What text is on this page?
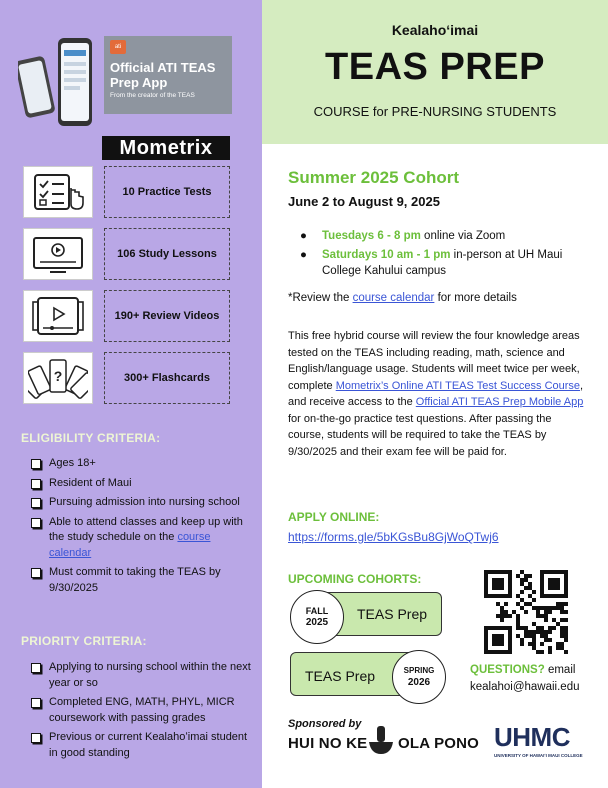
ati
Official ATI TEAS Prep App
From the creator of the TEAS
Mometrix
10 Practice Tests
106 Study Lessons
190+ Review Videos
?	300+ Flashcards
ELIGIBILITY CRITERIA:
Ages 18+
Resident of Maui
Pursuing admission into nursing school
Able to attend classes and keep up with the study schedule on the course calendar
Must commit to taking the TEAS by 9/30/2025
PRIORITY CRITERIA:
Applying to nursing school within the next year or so
Completed ENG, MATH, PHYL, MICR coursework with passing grades
Previous or current Kealahoʻimai student in good standing
Kealahoʻimai
TEAS PREP
COURSE for PRE-NURSING STUDENTS
Summer 2025 Cohort
June 2 to August 9, 2025
● Tuesdays 6 - 8 pm online via Zoom
● Saturdays 10 am - 1 pm in-person at UH Maui College Kahului campus
*Review the course calendar for more details
This free hybrid course will review the four knowledge areas tested on the TEAS including reading, math, science and English/language usage. Students will meet twice per week, complete Mometrix’s Online ATI TEAS Test Success Course, and receive access to the Official ATI TEAS Prep Mobile App for on-the-go practice test questions. After passing the course, students will be required to take the TEAS by 9/30/2025 and their exam fee will be paid for.
APPLY ONLINE:
https://forms.gle/5bKGsBu8GjWoQTwj6
UPCOMING COHORTS:
TEAS Prep
FALL
2025
TEAS Prep	SPRING
2026
QUESTIONS? email
kealahoi@hawaii.edu
Sponsored by
HUI NO KE OLA PONO UHMC
UNIVERSITY OF HAWAIʻI MAUI COLLEGE
